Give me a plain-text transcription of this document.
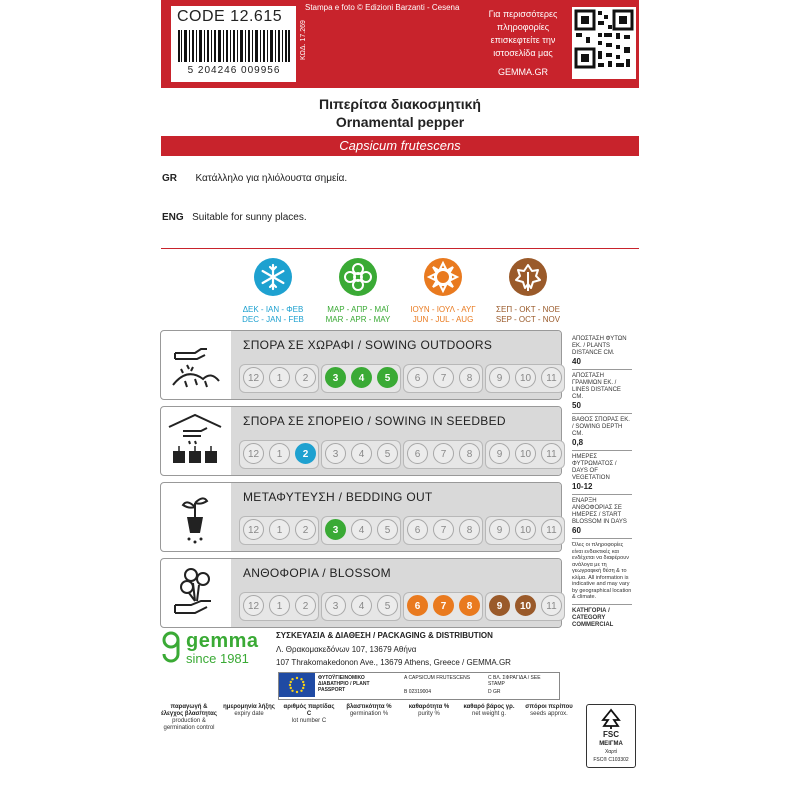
CODE 12.615
5 204246 009956
Stampa e foto © Edizioni Barzanti - Cesena
ΚΩΔ. 17.269
Για περισσότερες πληροφορίες επισκεφτείτε την ιστοσελίδα μας
GEMMA.GR
Πιπερίτσα διακοσμητική
Ornamental pepper
Capsicum frutescens
GR Κατάλληλο για ηλιόλουστα σημεία.
ENG Suitable for sunny places.
ΔΕΚ - ΙΑΝ - ΦΕΒ
DEC - JAN - FEB
ΜΑΡ - ΑΠΡ - ΜΑΪ
MAR - APR - MAY
ΙΟΥΝ - ΙΟΥΛ - ΑΥΓ
JUN - JUL - AUG
ΣΕΠ - ΟΚΤ - ΝΟΕ
SEP - OCT - NOV
ΣΠΟΡΑ ΣΕ ΧΩΡΑΦΙ / SOWING OUTDOORS
12	1	2	3	4	5	6	7	8	9	10	11
ΣΠΟΡΑ ΣΕ ΣΠΟΡΕΙΟ / SOWING IN SEEDBED
12	1	2	3	4	5	6	7	8	9	10	11
ΜΕΤΑΦΥΤΕΥΣΗ / BEDDING OUT
12	1	2	3	4	5	6	7	8	9	10	11
ΑΝΘΟΦΟΡΙΑ / BLOSSOM
12	1	2	3	4	5	6	7	8	9	10	11
ΑΠΟΣΤΑΣΗ ΦΥΤΩΝ ΕΚ. / PLANTS DISTANCE CM.
40
ΑΠΟΣΤΑΣΗ ΓΡΑΜΜΩΝ ΕΚ. / LINES DISTANCE CM.
50
ΒΑΘΟΣ ΣΠΟΡΑΣ ΕΚ. / SOWING DEPTH CM.
0,8
ΗΜΕΡΕΣ ΦΥΤΡΩΜΑΤΟΣ / DAYS OF VEGETATION
10-12
ΕΝΑΡΞΗ ΑΝΘΟΦΟΡΙΑΣ ΣΕ ΗΜΕΡΕΣ / START BLOSSOM IN DAYS
60
Όλες οι πληροφορίες είναι ενδεικτικές και ενδέχεται να διαφέρουν ανάλογα με τη γεωγραφική θέση & το κλίμα. All information is indicative and may vary by geographical location & climate.
ΚΑΤΗΓΟΡΙΑ / CATEGORY
COMMERCIAL
gemma
since 1981
ΣΥΣΚΕΥΑΣΙΑ & ΔΙΑΘΕΣΗ / PACKAGING & DISTRIBUTION
Λ. Θρακομακεδόνων 107, 13679 Αθήνα
107 Thrakomakedonon Ave., 13679 Athens, Greece / GEMMA.GR
ΦΥΤΟΫΓΙΕΙΝΟΜΙΚΟ ΔΙΑΒΑΤΗΡΙΟ / PLANT PASSPORT
A CAPSICUM FRUTESCENS
B 02319004
C ΒΛ. ΣΦΡΑΓΙΔΑ / SEE STAMP
D GR
παραγωγή & έλεγχος βλασ/τητας
production & germination control
ημερομηνία λήξης
expiry date
αριθμός παρτίδας C
lot number C
βλαστικότητα %
germination %
καθαρότητα %
purity %
καθαρό βάρος γρ.
net weight g.
σπόροι περίπου
seeds approx.
FSC
ΜΕΙΓΜΑ
Χαρτί
FSC® C103302
